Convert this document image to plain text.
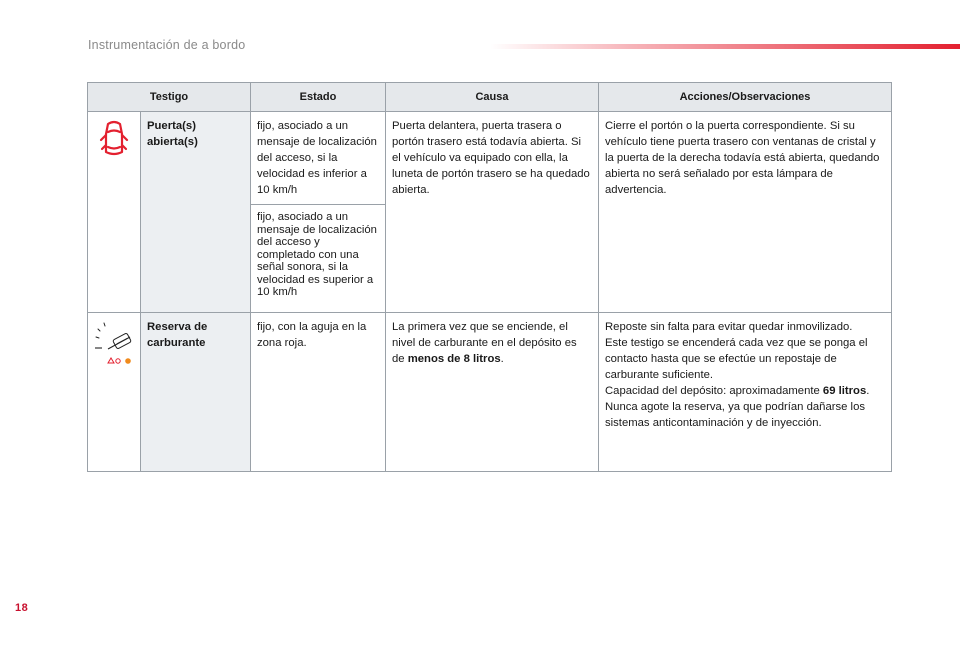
Instrumentación de a bordo
Testigo		Estado	Causa	Acciones/Observaciones
	Puerta(s) abierta(s)	fijo, asociado a un mensaje de localización del acceso, si la velocidad es inferior a 10 km/h	Puerta delantera, puerta trasera o portón trasero está todavía abierta. Si el vehículo va equipado con ella, la luneta de portón trasero se ha quedado abierta.	Cierre el portón o la puerta correspondiente. Si su vehículo tiene puerta trasero con ventanas de cristal y la puerta de la derecha todavía está abierta, quedando abierta no será señalado por esta lámpara de advertencia.
		fijo, asociado a un mensaje de localización del acceso y completado con una señal sonora, si la velocidad es superior a 10 km/h		
	Reserva de carburante	fijo, con la aguja en la zona roja.	La primera vez que se enciende, el nivel de carburante en el depósito es de menos de 8 litros.	Reposte sin falta para evitar quedar inmovilizado.
Este testigo se encenderá cada vez que se ponga el contacto hasta que se efectúe un repostaje de carburante suficiente.
Capacidad del depósito: aproximadamente 69 litros.
Nunca agote la reserva, ya que podrían dañarse los sistemas anticontaminación y de inyección.
18
